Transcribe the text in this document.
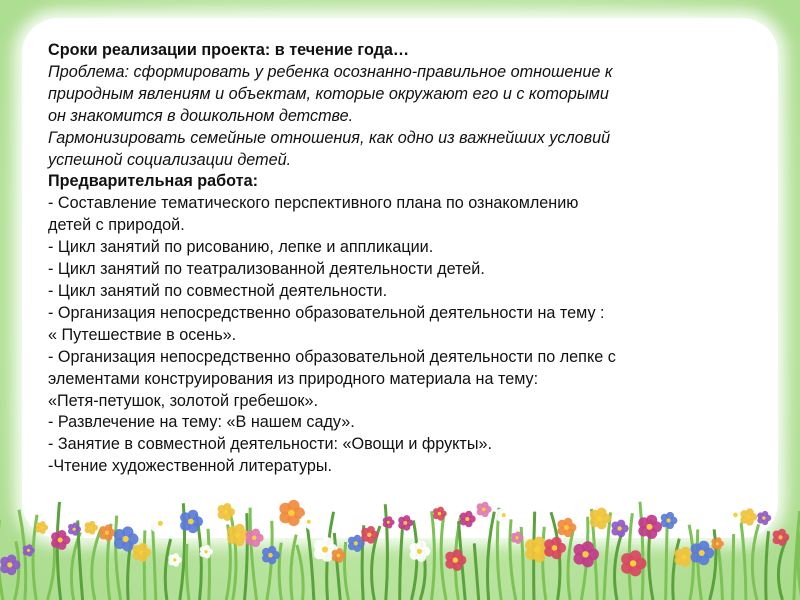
Сроки реализации проекта: в течение года…
Проблема: сформировать у ребенка осознанно-правильное отношение к
природным явлениям и объектам, которые окружают его и с которыми
он знакомится в дошкольном детстве.
Гармонизировать семейные отношения, как одно из важнейших условий
успешной социализации детей.
Предварительная работа:
- Составление тематического перспективного плана по ознакомлению
детей с природой.
- Цикл занятий по рисованию, лепке и аппликации.
- Цикл занятий по театрализованной деятельности детей.
- Цикл занятий по совместной деятельности.
- Организация непосредственно образовательной деятельности на тему :
« Путешествие в осень».
- Организация непосредственно образовательной деятельности по лепке с
элементами конструирования из природного материала на тему:
«Петя-петушок, золотой гребешок».
- Развлечение на тему: «В нашем саду».
- Занятие в совместной деятельности: «Овощи и фрукты».
-Чтение художественной литературы.
